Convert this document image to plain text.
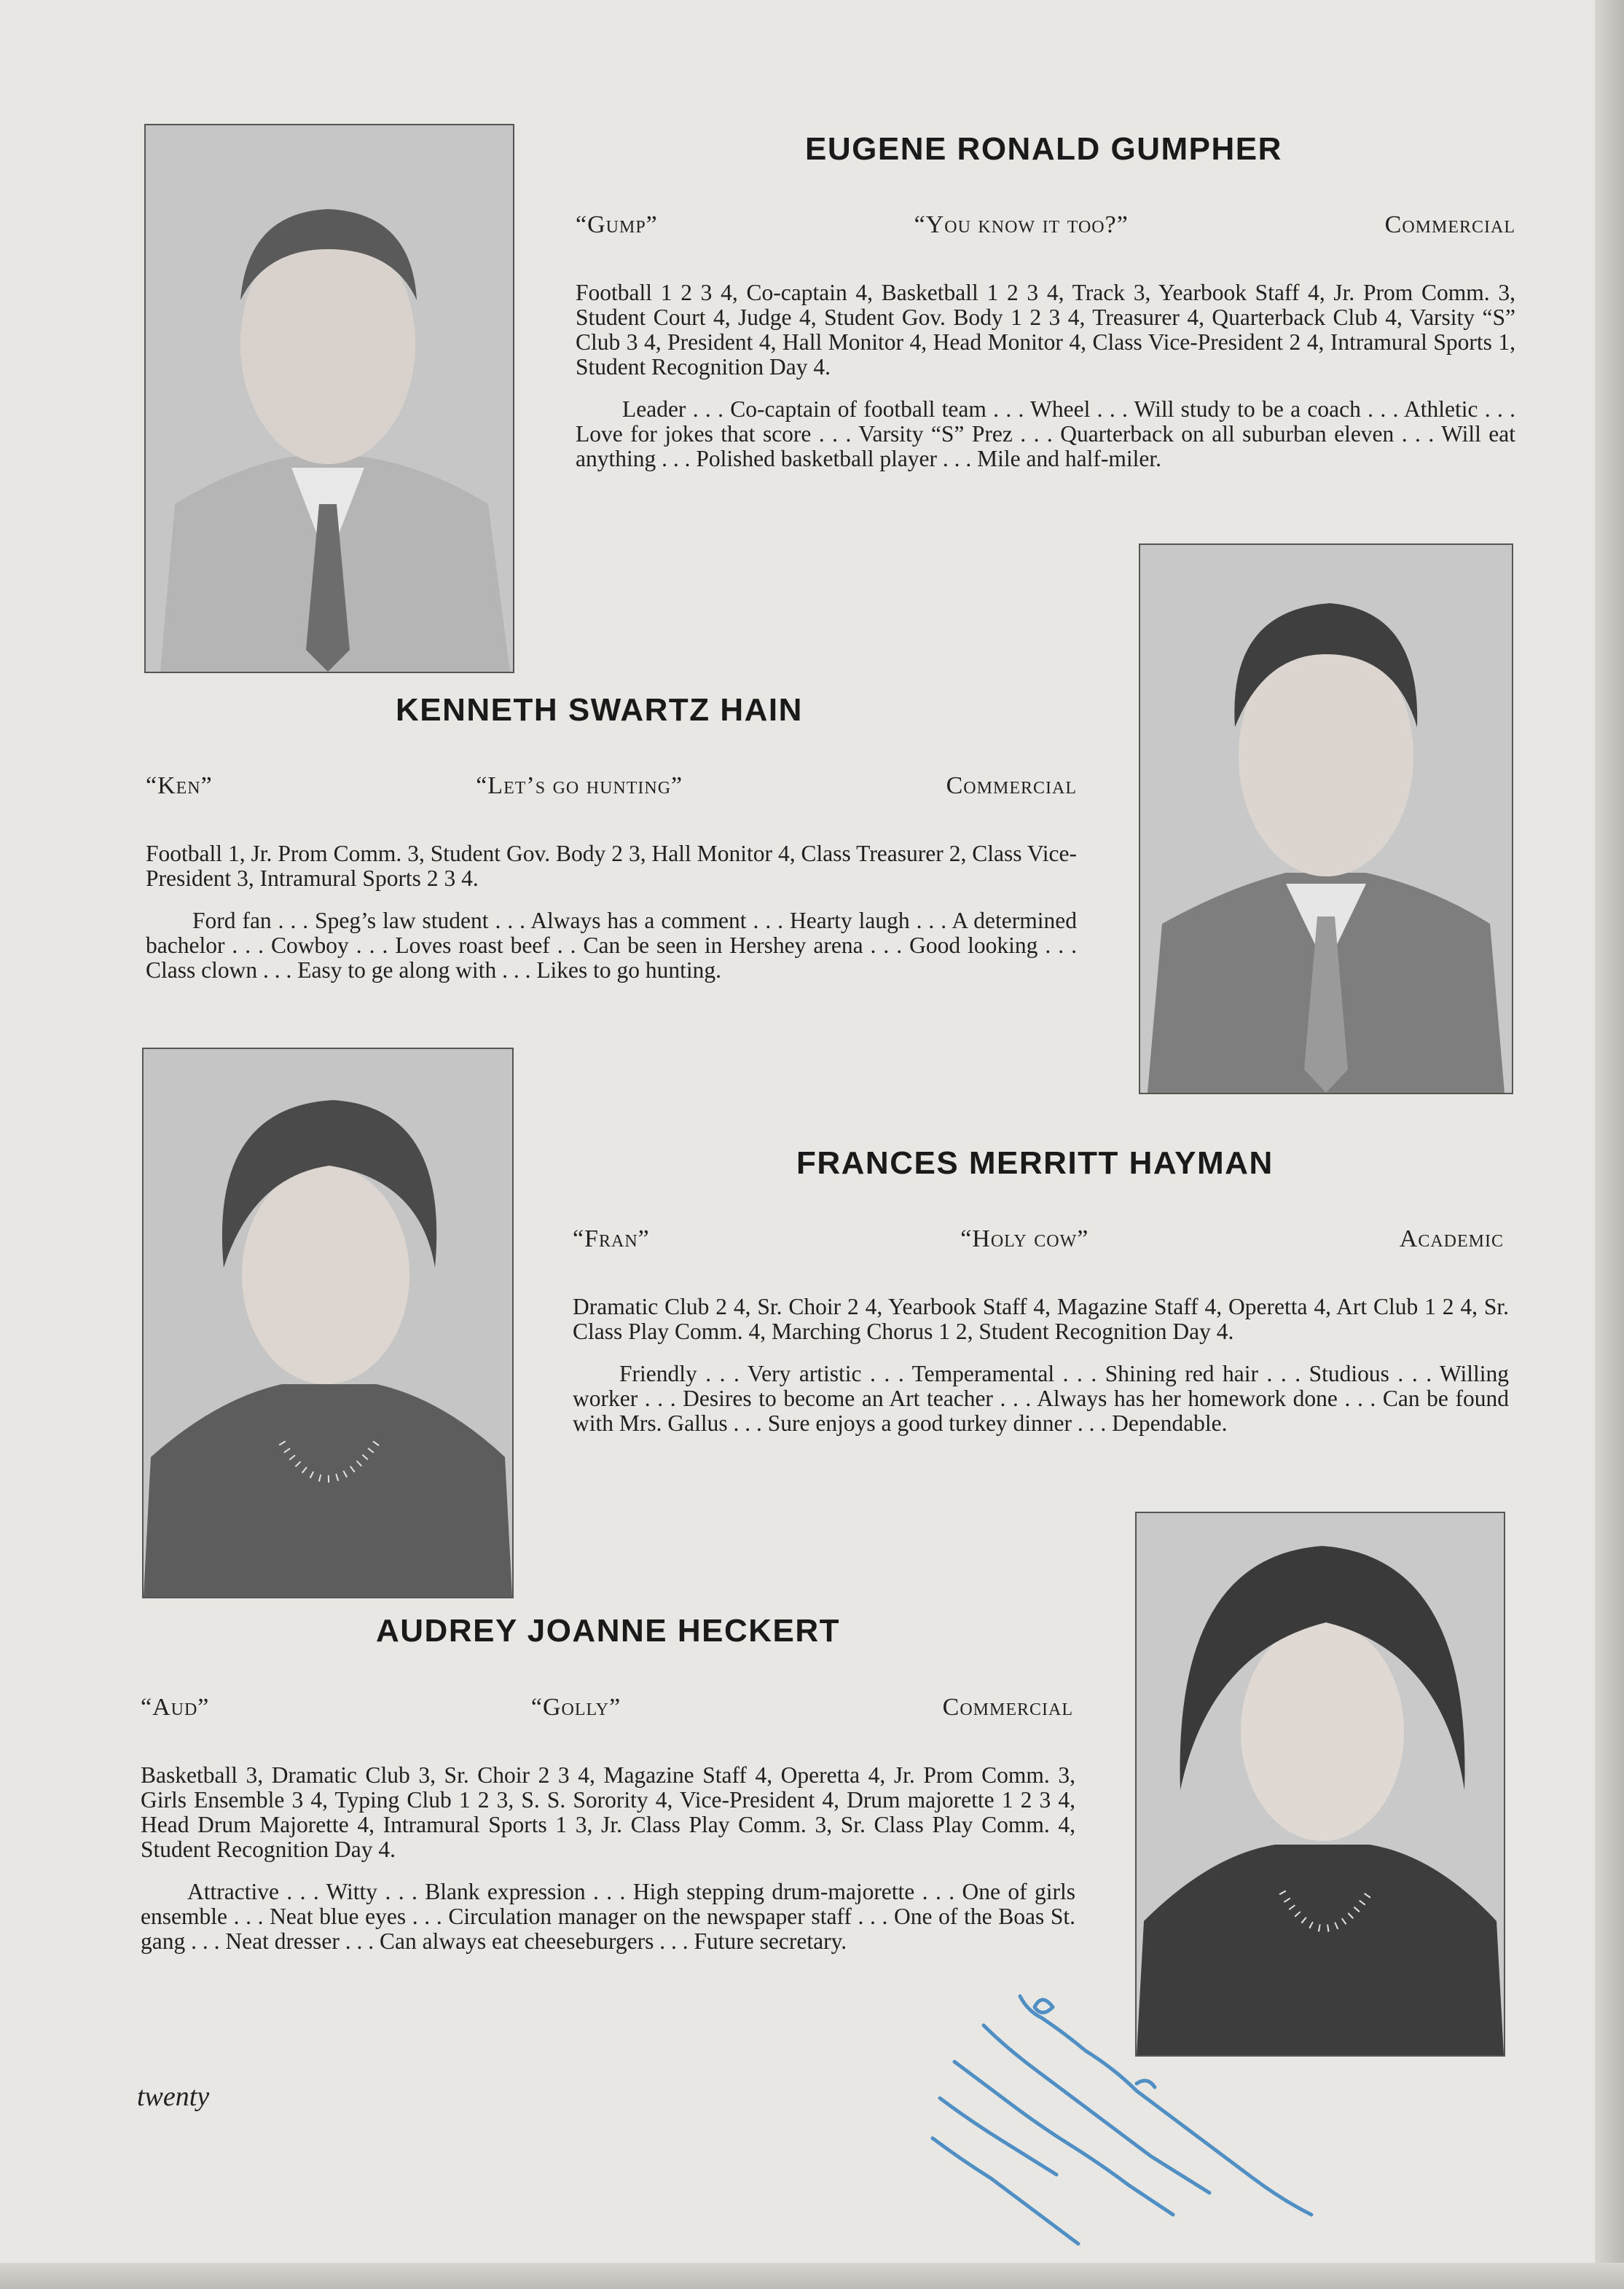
EUGENE RONALD GUMPHER
“Gump”	“You know it too?”	Commercial

Football 1 2 3 4, Co-captain 4, Basketball 1 2 3 4, Track 3, Yearbook Staff 4, Jr. Prom Comm. 3, Student Court 4, Judge 4, Student Gov. Body 1 2 3 4, Treasurer 4, Quarterback Club 4, Varsity “S” Club 3 4, President 4, Hall Monitor 4, Head Monitor 4, Class Vice-President 2 4, Intramural Sports 1, Student Recognition Day 4.

Leader . . . Co-captain of football team . . . Wheel . . . Will study to be a coach . . . Athletic . . . Love for jokes that score . . . Varsity “S” Prez . . . Quarterback on all suburban eleven . . . Will eat anything . . . Polished basketball player . . . Mile and half-miler.

KENNETH SWARTZ HAIN
“Ken”	“Let’s go hunting”	Commercial

Football 1, Jr. Prom Comm. 3, Student Gov. Body 2 3, Hall Monitor 4, Class Treasurer 2, Class Vice-President 3, Intramural Sports 2 3 4.

Ford fan . . . Speg’s law student . . . Always has a comment . . . Hearty laugh . . . A determined bachelor . . . Cowboy . . . Loves roast beef . . Can be seen in Hershey arena . . . Good looking . . . Class clown . . . Easy to ge along with . . . Likes to go hunting.

FRANCES MERRITT HAYMAN
“Fran”	“Holy cow”	Academic

Dramatic Club 2 4, Sr. Choir 2 4, Yearbook Staff 4, Magazine Staff 4, Operetta 4, Art Club 1 2 4, Sr. Class Play Comm. 4, Marching Chorus 1 2, Student Recognition Day 4.

Friendly . . . Very artistic . . . Temperamental . . . Shining red hair . . . Studious . . . Willing worker . . . Desires to become an Art teacher . . . Always has her homework done . . . Can be found with Mrs. Gallus . . . Sure enjoys a good turkey dinner . . . Dependable.

AUDREY JOANNE HECKERT
“Aud”	“Golly”	Commercial

Basketball 3, Dramatic Club 3, Sr. Choir 2 3 4, Magazine Staff 4, Operetta 4, Jr. Prom Comm. 3, Girls Ensemble 3 4, Typing Club 1 2 3, S. S. Sorority 4, Vice-President 4, Drum majorette 1 2 3 4, Head Drum Majorette 4, Intramural Sports 1 3, Jr. Class Play Comm. 3, Sr. Class Play Comm. 4, Student Recognition Day 4.

Attractive . . . Witty . . . Blank expression . . . High stepping drum-majorette . . . One of girls ensemble . . . Neat blue eyes . . . Circulation manager on the newspaper staff . . . One of the Boas St. gang . . . Neat dresser . . . Can always eat cheeseburgers . . . Future secretary.

twenty
